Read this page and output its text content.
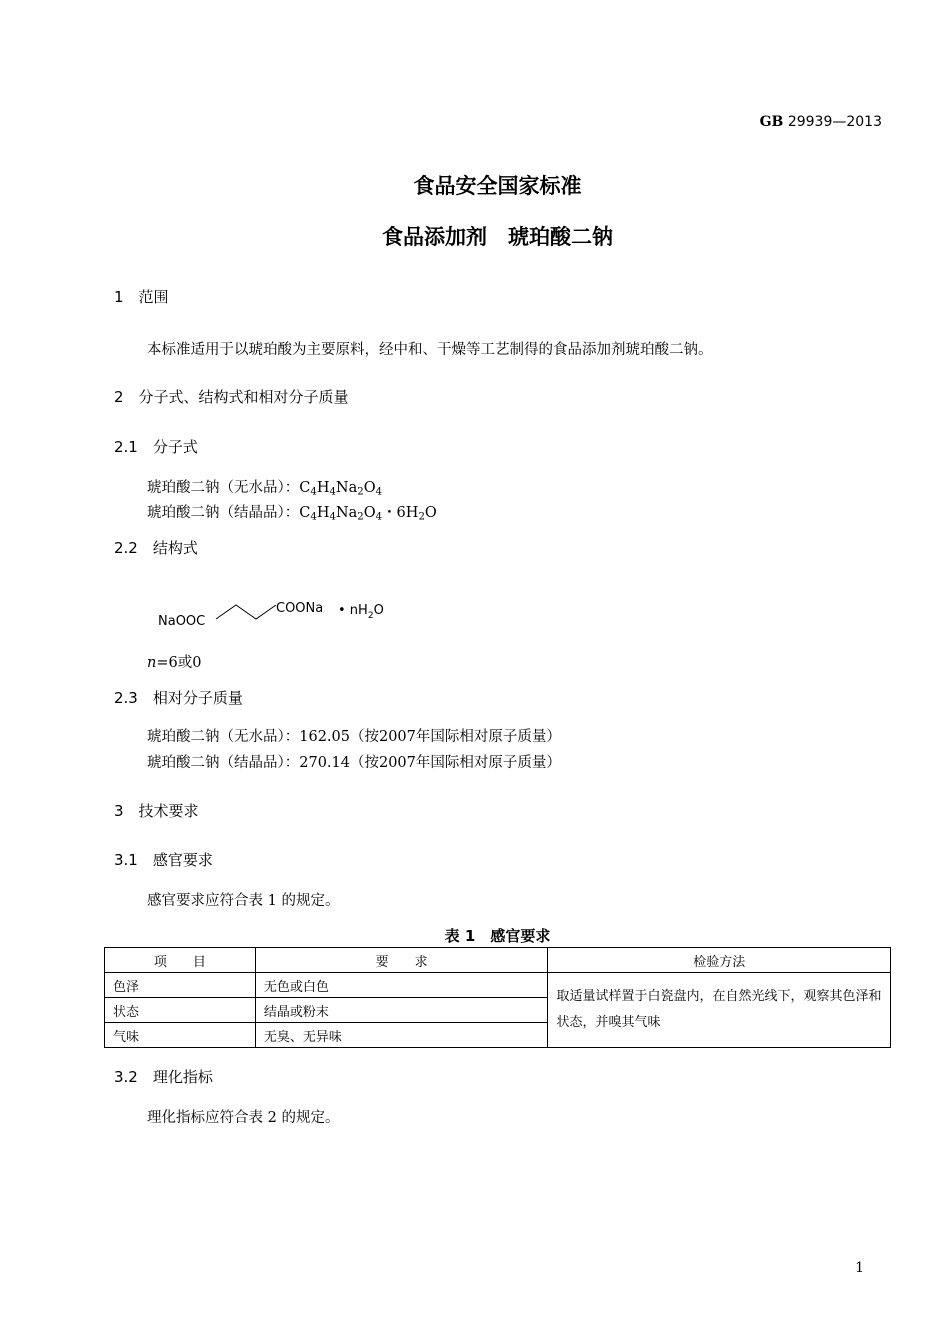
GB 29939—2013
食品安全国家标准
食品添加剂　琥珀酸二钠
1　范围
本标准适用于以琥珀酸为主要原料，经中和、干燥等工艺制得的食品添加剂琥珀酸二钠。
2　分子式、结构式和相对分子质量
2.1　分子式
琥珀酸二钠（无水品）：$C_4H_4Na_2O_4$
琥珀酸二钠（结晶品）：$C_4H_4Na_2O_4$・$6H_2O$
2.2　结构式
NaOOC
COONa • $nH_2O$
n=6或0
2.3　相对分子质量
琥珀酸二钠（无水品）：162.05（按2007年国际相对原子质量）
琥珀酸二钠（结晶品）：270.14（按2007年国际相对原子质量）
3　技术要求
3.1　感官要求
感官要求应符合表 1 的规定。
表 1　感官要求
项　　目	要　　求	检验方法
色泽	无色或白色	取适量试样置于白瓷盘内，在自然光线下，观察其色泽和状态，并嗅其气味
状态	结晶或粉末	
气味	无臭、无异味	
3.2　理化指标
理化指标应符合表 2 的规定。
1
